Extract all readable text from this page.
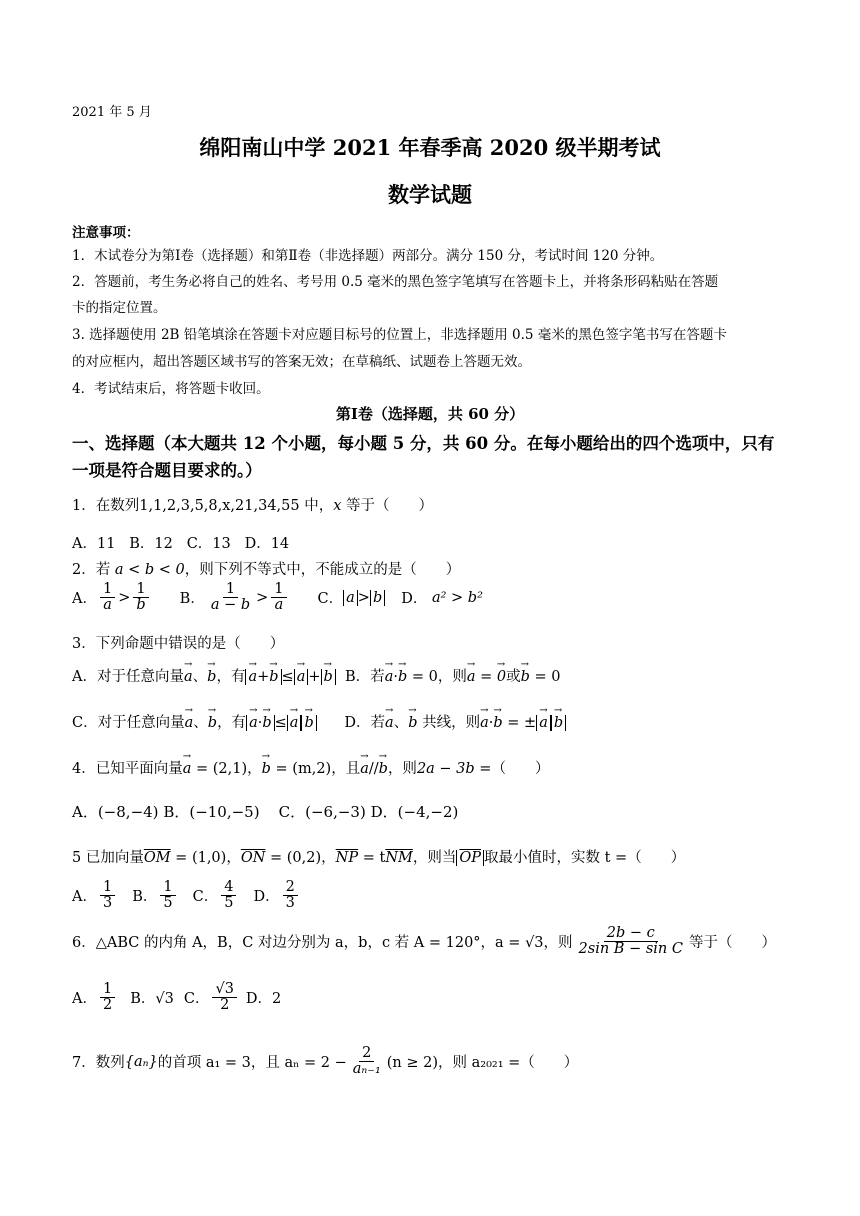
2021 年 5 月
绵阳南山中学 2021 年春季高 2020 级半期考试
数学试题
注意事项：
1．木试卷分为第Ⅰ卷（选择题）和第Ⅱ卷（非选择题）两部分。满分 150 分，考试时间 120 分钟。
2．答题前，考生务必将自己的姓名、考号用 0.5 毫米的黑色签字笔填写在答题卡上，并将条形码粘贴在答题
卡的指定位置。
3. 选择题使用 2B 铅笔填涂在答题卡对应题目标号的位置上，非选择题用 0.5 毫米的黑色签字笔书写在答题卡
的对应框内，超出答题区域书写的答案无效；在草稿纸、试题卷上答题无效。
4．考试结束后，将答题卡收回。
第Ⅰ卷（选择题，共 60 分）
一、选择题（本大题共 12 个小题，每小题 5 分，共 60 分。在每小题给出的四个选项中，只有
一项是符合题目要求的。）
1．在数列1,1,2,3,5,8,x,21,34,55 中，x 等于（　　）
A．11 B．12 C．13 D．14
2．若 a < b < 0，则下列不等式中，不能成立的是（　　）
A． $\frac{1}{a} > \frac{1}{b}$ B． $\frac{1}{a - b} > \frac{1}{a}$ C． a > b D．
a² > b²
3．下列命题中错误的是（　　）
A．对于任意向量→ a、→ b，有 → a+→ b ≤ → a + → b B．若→ a·→ b = 0，则→ a = → 0或→ b = 0
C．对于任意向量→ a、→ b，有 → a·→ b ≤ → a → b D．若→ a、→ b 共线，则→ a·→ b = ± → a → b
4．已知平面向量→ a = (2,1)，→ b = (m,2)，且→ a//→ b，则2a − 3b =（　　）
A．(−8,−4) B．(−10,−5) C．(−6,−3) D．(−4,−2)
5 已加向量$\overline{OM} = (1,0)$，$\overline{ON} = (0,2)$，$\overline{NP} = t\overline{NM}$，则当 $\overline{OP}$ 取最小值时，实数 t =（　　）
A． $\frac{1}{3}$ B． $\frac{1}{5}$ C． $\frac{4}{5}$ D． $\frac{2}{3}$
6．△ABC 的内角 A，B，C 对边分别为 a，b，c 若 A = 120°，a = √3，则 $\frac{2b - c}{\text{2sin B − sin C}}$ 等于（　　）
A． $\frac{1}{2}$ B．√3 C． $\frac{√3}{2}$ D．2
7．数列 {aₙ} 的首项 a₁ = 3，且 $a_n = 2 - \frac{2}{\text{aₙ₋₁}} (n \ge 2)$，则 a₂₀₂₁ =（　　）
